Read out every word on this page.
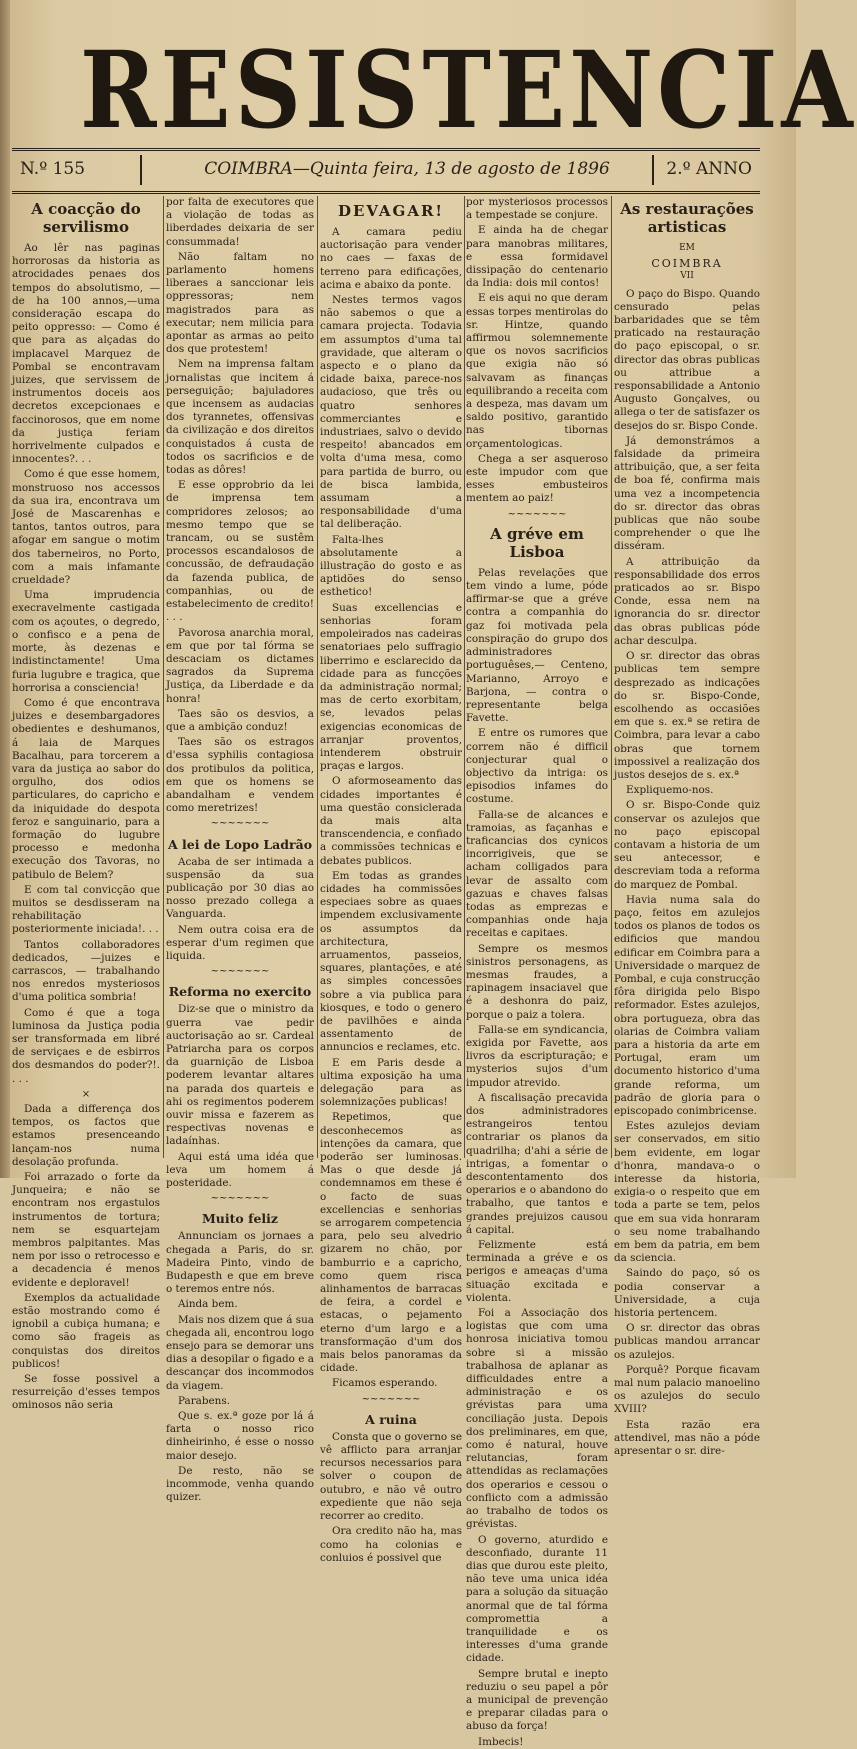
RESISTENCIA
N.º 155	COIMBRA—Quinta feira, 13 de agosto de 1896	2.º ANNO
A coacção do servilismo

Ao lêr nas paginas horrorosas da historia as atrocidades penaes dos tempos do absolutismo, — de ha 100 annos,—uma consideração escapa do peito oppresso: — Como é que para as alçadas do implacavel Marquez de Pombal se encontravam juizes, que servissem de instrumentos doceis aos decretos excepcionaes e faccinorosos, que em nome da justiça feriam horrivelmente culpados e innocentes?. . .

Como é que esse homem, monstruoso nos accessos da sua ira, encontrava um José de Mascarenhas e tantos, tantos outros, para afogar em sangue o motim dos taberneiros, no Porto, com a mais infamante crueldade?

Uma imprudencia execravelmente castigada com os açoutes, o degredo, o confisco e a pena de morte, às dezenas e indistinctamente! Uma furia lugubre e tragica, que horrorisa a consciencia!

Como é que encontrava juizes e desembargadores obedientes e deshumanos, á laia de Marques Bacalhau, para torcerem a vara da justiça ao sabor do orgulho, dos odios particulares, do capricho e da iniquidade do despota feroz e sanguinario, para a formação do lugubre processo e medonha execução dos Tavoras, no patibulo de Belem?

E com tal convicção que muitos se desdisseram na rehabilitação posteriormente iniciada!. . .

Tantos collaboradores dedicados, —juizes e carrascos, — trabalhando nos enredos mysteriosos d'uma politica sombria!

Como é que a toga luminosa da Justiça podia ser transformada em libré de serviçaes e de esbirros dos desmandos do poder?!. . . .

×

Dada a differença dos tempos, os factos que estamos presenceando lançam-nos numa desolação profunda.

Foi arrazado o forte da Junqueira; e não se encontram nos ergastulos instrumentos de tortura; nem se esquartejam membros palpitantes. Mas nem por isso o retrocesso e a decadencia é menos evidente e deploravel!

Exemplos da actualidade estão mostrando como é ignobil a cubiça humana; e como são frageis as conquistas dos direitos publicos!

Se fosse possivel a resurreição d'esses tempos ominosos não seria

por falta de executores que a violação de todas as liberdades deixaria de ser consummada!

Não faltam no parlamento homens liberaes a sanccionar leis oppressoras; nem magistrados para as executar; nem milicia para apontar as armas ao peito dos que protestem!

Nem na imprensa faltam jornalistas que incitem á perseguição; bajuladores que incensem as audacias dos tyrannetes, offensivas da civilização e dos direitos conquistados á custa de todos os sacrificios e de todas as dôres!

E esse opprobrio da lei de imprensa tem compridores zelosos; ao mesmo tempo que se trancam, ou se sustêm processos escandalosos de concussão, de defraudação da fazenda publica, de companhias, ou de estabelecimento de credito! . . .

Pavorosa anarchia moral, em que por tal fórma se descaciam os dictames sagrados da Suprema Justiça, da Liberdade e da honra!

Taes são os desvios, a que a ambição conduz!

Taes são os estragos d'essa syphilis contagiosa dos protibulos da politica, em que os homens se abandalham e vendem como meretrizes!

~~~~~~~
A lei de Lopo Ladrão

Acaba de ser intimada a suspensão da sua publicação por 30 dias ao nosso prezado collega a Vanguarda.

Nem outra coisa era de esperar d'um regimen que liquida.

~~~~~~~
Reforma no exercito

Diz-se que o ministro da guerra vae pedir auctorisação ao sr. Cardeal Patriarcha para os corpos da guarnição de Lisboa poderem levantar altares na parada dos quarteis e ahi os regimentos poderem ouvir missa e fazerem as respectivas novenas e ladaínhas.

Aqui está uma idéa que leva um homem á posteridade.

~~~~~~~
Muito feliz

Annunciam os jornaes a chegada a Paris, do sr. Madeira Pinto, vindo de Budapesth e que em breve o teremos entre nós.

Ainda bem.

Mais nos dizem que á sua chegada ali, encontrou logo ensejo para se demorar uns dias a desopilar o figado e a descançar dos incommodos da viagem.

Parabens.

Que s. ex.ª goze por lá á farta o nosso rico dinheirinho, é esse o nosso maior desejo.

De resto, não se incommode, venha quando quizer.

DEVAGAR!

A camara pediu auctorisação para vender no caes — faxas de terreno para edificações, acima e abaixo da ponte.

Nestes termos vagos não sabemos o que a camara projecta. Todavia em assumptos d'uma tal gravidade, que alteram o aspecto e o plano da cidade baixa, parece-nos audacioso, que três ou quatro senhores commerciantes e industriaes, salvo o devido respeito! abancados em volta d'uma mesa, como para partida de burro, ou de bisca lambida, assumam a responsabilidade d'uma tal deliberação.

Falta-lhes absolutamente a illustração do gosto e as aptidões do senso esthetico!

Suas excellencias e senhorias foram empoleirados nas cadeiras senatoriaes pelo suffragio liberrimo e esclarecido da cidade para as funcções da administração normal; mas de certo exorbitam, se, levados pelas exigencias economicas de arranjar proventos, intenderem obstruir praças e largos.

O aformoseamento das cidades importantes é uma questão consiclerada da mais alta transcendencia, e confiado a commissões technicas e debates publicos.

Em todas as grandes cidades ha commissões especiaes sobre as quaes impendem exclusivamente os assumptos da architectura, arruamentos, passeios, squares, plantações, e até as simples concessões sobre a via publica para kiosques, e todo o genero de pavilhões e ainda assentamento de annuncios e reclames, etc.

E em Paris desde a ultima exposição ha uma delegação para as solemnizações publicas!

Repetimos, que desconhecemos as intenções da camara, que poderão ser luminosas. Mas o que desde já condemnamos em these é o facto de suas excellencias e senhorias se arrogarem competencia para, pelo seu alvedrio gizarem no chão, por bamburrio e a capricho, como quem risca alinhamentos de barracas de feira, a cordel e estacas, o pejamento eterno d'um largo e a transformação d'um dos mais belos panoramas da cidade.

Ficamos esperando.

~~~~~~~
A ruina

Consta que o governo se vê afflicto para arranjar recursos necessarios para solver o coupon de outubro, e não vê outro expediente que não seja recorrer ao credito.

Ora credito não ha, mas como ha colonias e conluios é possivel que

por mysteriosos processos a tempestade se conjure.

E ainda ha de chegar para manobras militares, e essa formidavel dissipação do centenario da India: dois mil contos!

E eis aqui no que deram essas torpes mentirolas do sr. Hintze, quando affirmou solemnemente que os novos sacrificios que exigia não só salvavam as finanças equilibrando a receita com a despeza, mas davam um saldo positivo, garantido nas tibornas orçamentologicas.

Chega a ser asqueroso este impudor com que esses embusteiros mentem ao paiz!

~~~~~~~
A gréve em Lisboa

Pelas revelações que tem vindo a lume, póde affirmar-se que a gréve contra a companhia do gaz foi motivada pela conspiração do grupo dos administradores portuguêses,— Centeno, Marianno, Arroyo e Barjona, — contra o representante belga Favette.

E entre os rumores que correm não é difficil conjecturar qual o objectivo da intriga: os episodios infames do costume.

Falla-se de alcances e tramoias, as façanhas e traficancias dos cynicos incorrigiveis, que se acham colligados para levar de assalto com gazuas e chaves falsas todas as emprezas e companhias onde haja receitas e capitaes.

Sempre os mesmos sinistros personagens, as mesmas fraudes, a rapinagem insaciavel que é a deshonra do paiz, porque o paiz a tolera.

Falla-se em syndicancia, exigida por Favette, aos livros da escripturação; e mysterios sujos d'um impudor atrevido.

A fiscalisação precavida dos administradores estrangeiros tentou contrariar os planos da quadrilha; d'ahi a série de intrigas, a fomentar o descontentamento dos operarios e o abandono do trabalho, que tantos e grandes prejuizos causou á capital.

Felizmente está terminada a gréve e os perigos e ameaças d'uma situação excitada e violenta.

Foi a Associação dos logistas que com uma honrosa iniciativa tomou sobre si a missão trabalhosa de aplanar as difficuldades entre a administração e os grévistas para uma conciliação justa. Depois dos preliminares, em que, como é natural, houve relutancias, foram attendidas as reclamações dos operarios e cessou o conflicto com a admissão ao trabalho de todos os grévistas.

O governo, aturdido e desconfiado, durante 11 dias que durou este pleito, não teve uma unica idéa para a solução da situação anormal que de tal fórma compromettia a tranquilidade e os interesses d'uma grande cidade.

Sempre brutal e inepto reduziu o seu papel a pôr a municipal de prevenção e preparar ciladas para o abuso da força!

Imbecis!

As restaurações artisticas

EM

COIMBRA

VII

O paço do Bispo. Quando censurado pelas barbaridades que se têm praticado na restauração do paço episcopal, o sr. director das obras publicas ou attribue a responsabilidade a Antonio Augusto Gonçalves, ou allega o ter de satisfazer os desejos do sr. Bispo Conde.

Já demonstrámos a falsidade da primeira attribuição, que, a ser feita de boa fé, confirma mais uma vez a incompetencia do sr. director das obras publicas que não soube comprehender o que lhe disséram.

A attribuição da responsabilidade dos erros praticados ao sr. Bispo Conde, essa nem na ignorancia do sr. director das obras publicas póde achar desculpa.

O sr. director das obras publicas tem sempre desprezado as indicações do sr. Bispo-Conde, escolhendo as occasiões em que s. ex.ª se retira de Coimbra, para levar a cabo obras que tornem impossivel a realização dos justos desejos de s. ex.ª

Expliquemo-nos.

O sr. Bispo-Conde quiz conservar os azulejos que no paço episcopal contavam a historia de um seu antecessor, e descreviam toda a reforma do marquez de Pombal.

Havia numa sala do paço, feitos em azulejos todos os planos de todos os edificios que mandou edificar em Coimbra para a Universidade o marquez de Pombal, e cuja construcção fôra dirigida pelo Bispo reformador. Estes azulejos, obra portugueza, obra das olarias de Coimbra valiam para a historia da arte em Portugal, eram um documento historico d'uma grande reforma, um padrão de gloria para o episcopado conimbricense.

Estes azulejos deviam ser conservados, em sitio bem evidente, em logar d'honra, mandava-o o interesse da historia, exigia-o o respeito que em toda a parte se tem, pelos que em sua vida honraram o seu nome trabalhando em bem da patria, em bem da sciencia.

Saindo do paço, só os podia conservar a Universidade, a cuja historia pertencem.

O sr. director das obras publicas mandou arrancar os azulejos.

Porquê? Porque ficavam mal num palacio manoelino os azulejos do seculo XVIII?

Esta razão era attendivel, mas não a póde apresentar o sr. dire-
